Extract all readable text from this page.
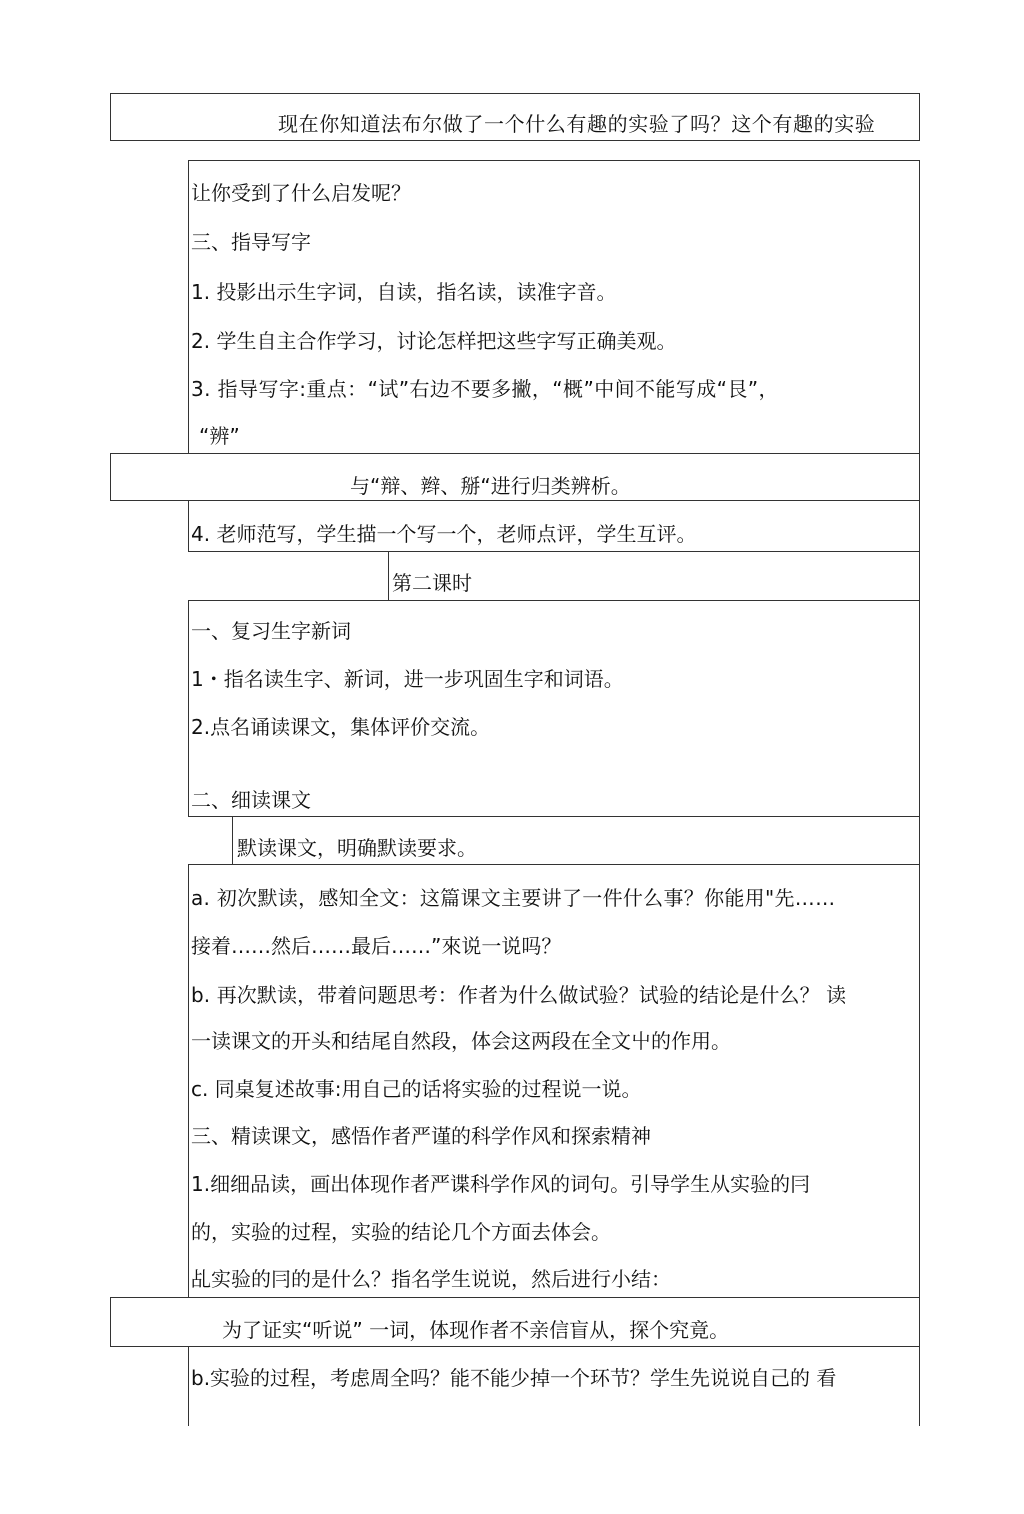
现在你知道法布尔做了一个什么有趣的实验了吗？这个有趣的实验
让你受到了什么启发呢？
三、指导写字
1. 投影出示生字词，自读，指名读，读准字音。
2. 学生自主合作学习，讨论怎样把这些字写正确美观。
3. 指导写字:重点：“试”右边不要多撇，“概”中间不能写成“艮”，
“辨”
与“辩、辫、掰“进行归类辨析。
4. 老师范写，学生描一个写一个，老师点评，学生互评。
第二课时
一、复习生字新词
1・指名读生字、新词，进一步巩固生字和词语。
2.点名诵读课文，集体评价交流。
二、细读课文
默读课文，明确默读要求。
a. 初次默读，感知全文：这篇课文主要讲了一件什么事？你能用"先……
接着……然后……最后……”來说一说吗？
b. 再次默读，带着问题思考：作者为什么做试验？试验的结论是什么？ 读
一读课文的开头和结尾自然段，体会这两段在全文屮的作用。
c. 同桌复述故事:用自己的话将实验的过程说一说。
三、精读课文，感悟作者严谨的科学作风和探索精神
1.细细品读，画出体现作者严谍科学作风的词句。引导学生从实验的冃
的，实验的过程，实验的结论几个方面去体会。
乩实验的冃的是什么？指名学生说说，然后进行小结：
为了证实“听说” 一词，体现作者不亲信盲从，探个究竟。
b.实验的过程，考虑周全吗？能不能少掉一个环节？学生先说说自己的 看
